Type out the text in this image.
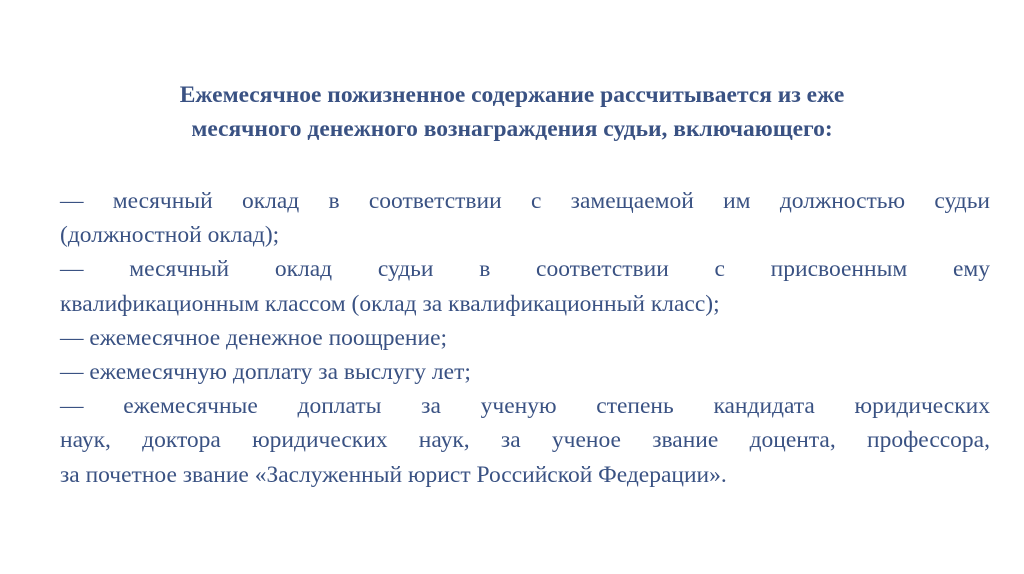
Ежемесячное пожизненное содержание рассчитывается из еже
месячного денежного вознаграждения судьи, включающего:
— месячный оклад в соответствии с замещаемой им должностью судьи
(должностной оклад);
— месячный оклад судьи в соответствии с присвоенным ему
квалификационным классом (оклад за квалификационный класс);
— ежемесячное денежное поощрение;
— ежемесячную доплату за выслугу лет;
— ежемесячные доплаты за ученую степень кандидата юридических
наук, доктора юридических наук, за ученое звание доцента, профессора,
за почетное звание «Заслуженный юрист Российской Федерации».
